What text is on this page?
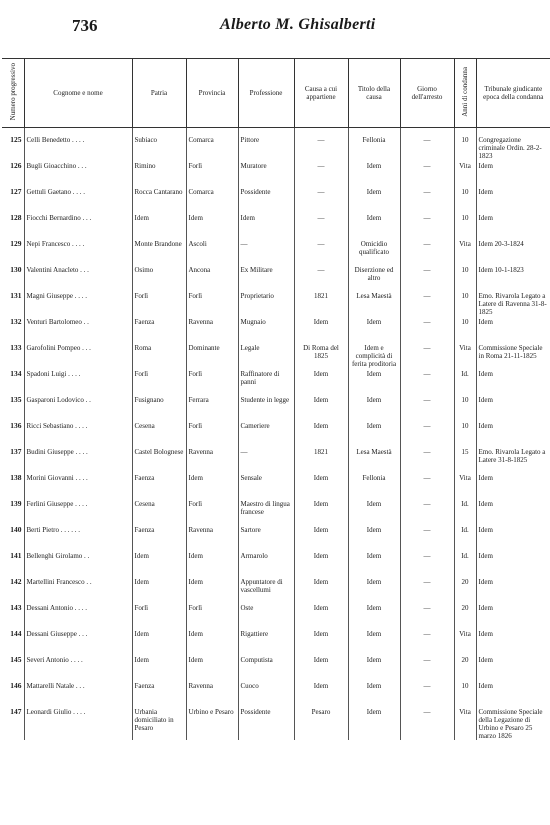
736	Alberto M. Ghisalberti
Numero progressivo	Cognome e nome	Patria	Provincia	Professione	Causa a cui appartiene	Titolo della causa	Giorno dell'arresto	Anni di condanna	Tribunale giudicante epoca della condanna

125	Celli Benedetto . . . .	Subiaco	Comarca	Pittore	—	Fellonia	—	10	Congregazione criminale Ordin. 28-2-1823
126	Bugli Gioacchino . . .	Rimino	Forlì	Muratore	—	Idem	—	Vita	Idem
127	Gettuli Gaetano . . . .	Rocca Cantarano	Comarca	Possidente	—	Idem	—	10	Idem
128	Fiocchi Bernardino . . .	Idem	Idem	Idem	—	Idem	—	10	Idem
129	Nepi Francesco . . . .	Monte Brandone	Ascoli	—	—	Omicidio qualificato	—	Vita	Idem 20-3-1824
130	Valentini Anacleto . . .	Osimo	Ancona	Ex Militare	—	Diserzione ed altro	—	10	Idem 10-1-1823
131	Magni Giuseppe . . . .	Forlì	Forlì	Proprietario	1821	Lesa Maestà	—	10	Emo. Rivarola Legato a Latere di Ravenna 31-8-1825
132	Venturi Bartolomeo . .	Faenza	Ravenna	Mugnaio	Idem	Idem	—	10	Idem
133	Garofolini Pompeo . . .	Roma	Dominante	Legale	Di Roma del 1825	Idem e complicità di ferita proditoria	—	Vita	Commissione Speciale in Roma 21-11-1825
134	Spadoni Luigi . . . .	Forlì	Forlì	Raffinatore di panni	Idem	Idem	—	Id.	Idem
135	Gasparoni Lodovico . .	Fusignano	Ferrara	Studente in legge	Idem	Idem	—	10	Idem
136	Ricci Sebastiano . . . .	Cesena	Forlì	Cameriere	Idem	Idem	—	10	Idem
137	Budini Giuseppe . . . .	Castel Bolognese	Ravenna	—	1821	Lesa Maestà	—	15	Emo. Rivarola Legato a Latere 31-8-1825
138	Morini Giovanni . . . .	Faenza	Idem	Sensale	Idem	Fellonia	—	Vita	Idem
139	Ferlini Giuseppe . . . .	Cesena	Forlì	Maestro di lingua francese	Idem	Idem	—	Id.	Idem
140	Berti Pietro . . . . . .	Faenza	Ravenna	Sartore	Idem	Idem	—	Id.	Idem
141	Bellenghi Girolamo . .	Idem	Idem	Armarolo	Idem	Idem	—	Id.	Idem
142	Martellini Francesco . .	Idem	Idem	Appuntatore di vascellumi	Idem	Idem	—	20	Idem
143	Dessani Antonio . . . .	Forlì	Forlì	Oste	Idem	Idem	—	20	Idem
144	Dessani Giuseppe . . .	Idem	Idem	Rigattiere	Idem	Idem	—	Vita	Idem
145	Severi Antonio . . . .	Idem	Idem	Computista	Idem	Idem	—	20	Idem
146	Mattarelli Natale . . .	Faenza	Ravenna	Cuoco	Idem	Idem	—	10	Idem
147	Leonardi Giulio . . . .	Urbania domiciliato in Pesaro	Urbino e Pesaro	Possidente	Pesaro	Idem	—	Vita	Commissione Speciale della Legazione di Urbino e Pesaro 25 marzo 1826
